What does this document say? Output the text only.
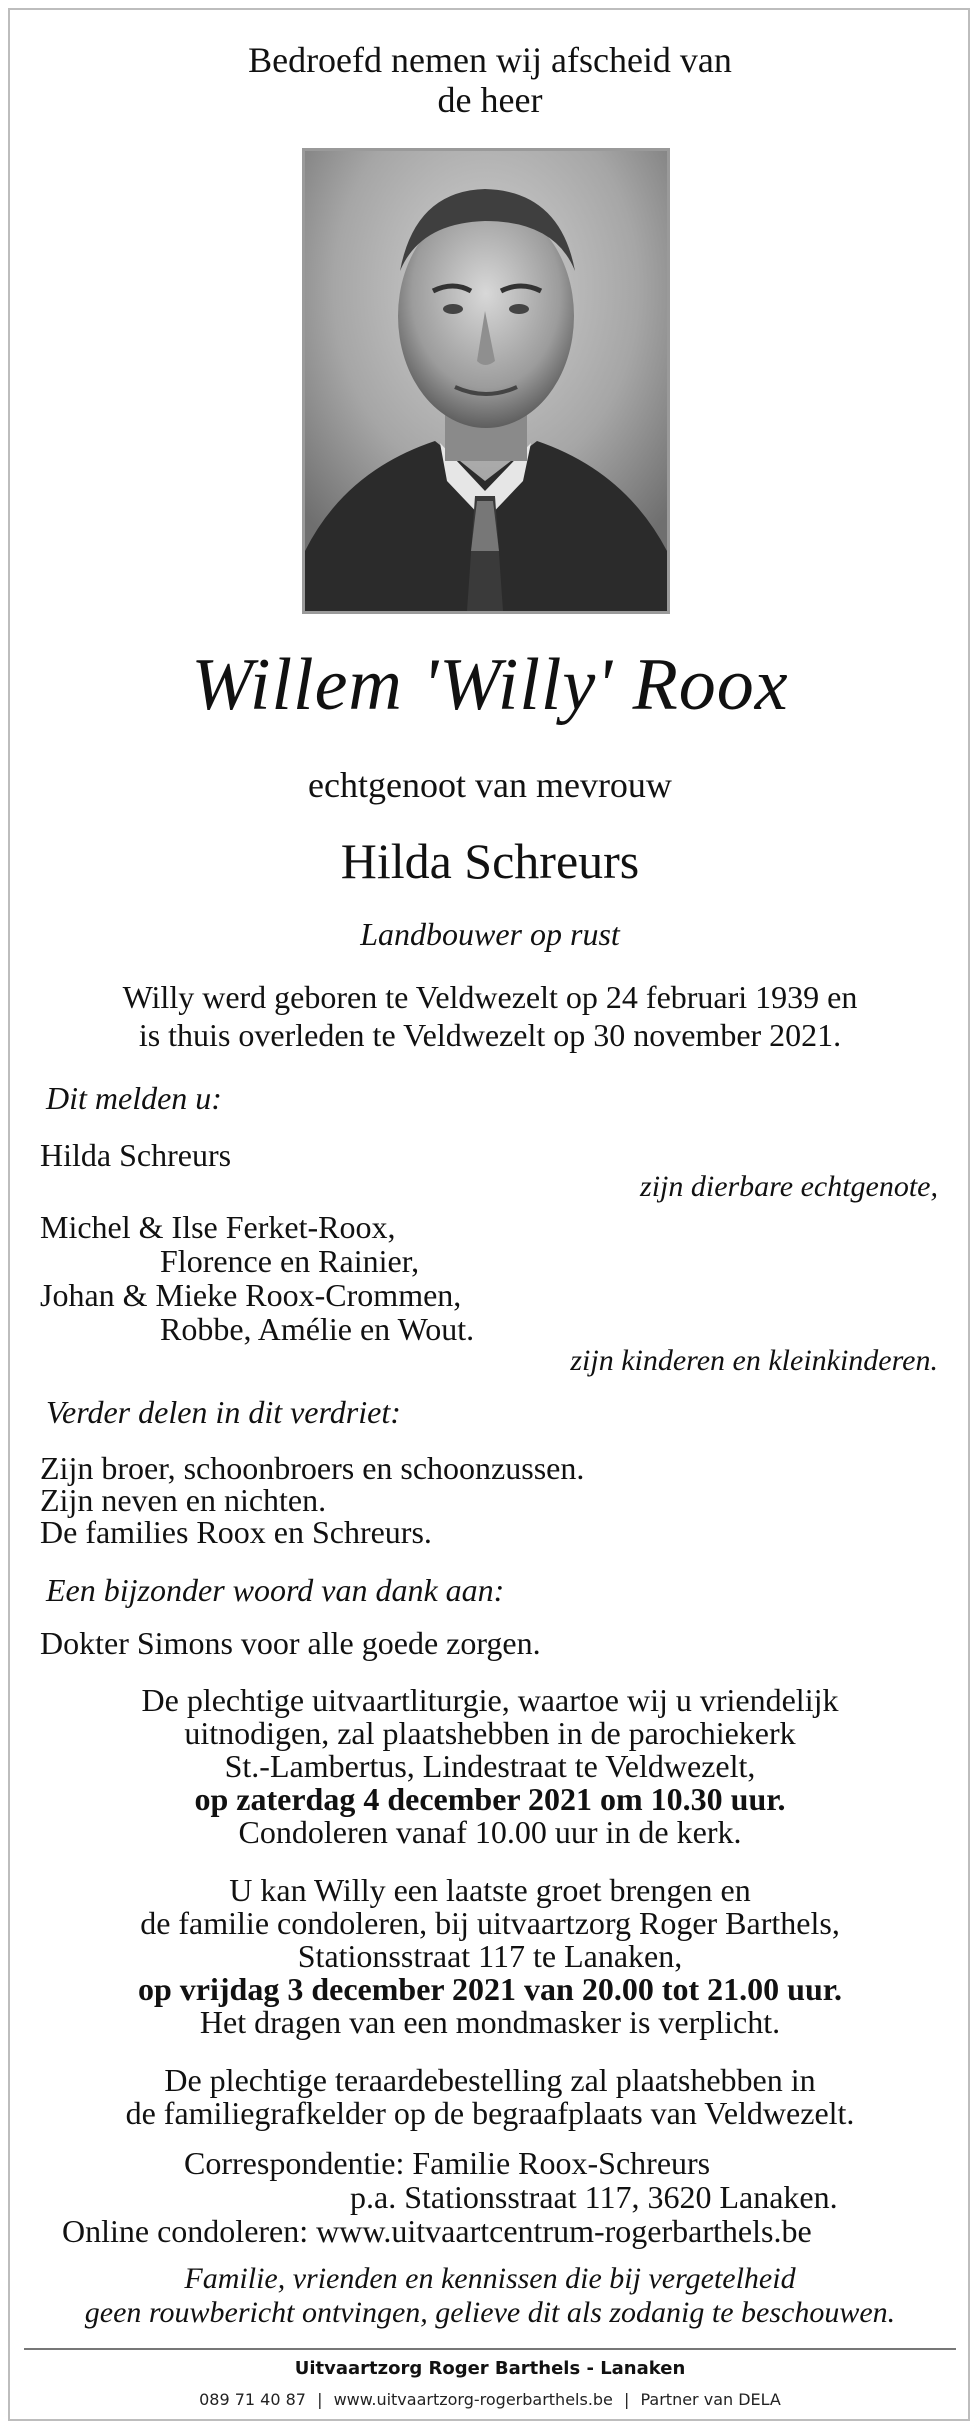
Bedroefd nemen wij afscheid van
de heer
Willem 'Willy' Roox
echtgenoot van mevrouw
Hilda Schreurs
Landbouwer op rust
Willy werd geboren te Veldwezelt op 24 februari 1939 en
is thuis overleden te Veldwezelt op 30 november 2021.
Dit melden u:
Hilda Schreurs
zijn dierbare echtgenote,
Michel & Ilse Ferket-Roox,
Florence en Rainier,
Johan & Mieke Roox-Crommen,
Robbe, Amélie en Wout.
zijn kinderen en kleinkinderen.
Verder delen in dit verdriet:
Zijn broer, schoonbroers en schoonzussen.
Zijn neven en nichten.
De families Roox en Schreurs.
Een bijzonder woord van dank aan:
Dokter Simons voor alle goede zorgen.
De plechtige uitvaartliturgie, waartoe wij u vriendelijk
uitnodigen, zal plaatshebben in de parochiekerk
St.-Lambertus, Lindestraat te Veldwezelt,
op zaterdag 4 december 2021 om 10.30 uur.
Condoleren vanaf 10.00 uur in de kerk.
U kan Willy een laatste groet brengen en
de familie condoleren, bij uitvaartzorg Roger Barthels,
Stationsstraat 117 te Lanaken,
op vrijdag 3 december 2021 van 20.00 tot 21.00 uur.
Het dragen van een mondmasker is verplicht.
De plechtige teraardebestelling zal plaatshebben in
de familiegrafkelder op de begraafplaats van Veldwezelt.
Correspondentie: Familie Roox-Schreurs
p.a. Stationsstraat 117, 3620 Lanaken.
Online condoleren: www.uitvaartcentrum-rogerbarthels.be
Familie, vrienden en kennissen die bij vergetelheid
geen rouwbericht ontvingen, gelieve dit als zodanig te beschouwen.
Uitvaartzorg Roger Barthels - Lanaken
089 71 40 87 | www.uitvaartzorg-rogerbarthels.be | Partner van DELA
